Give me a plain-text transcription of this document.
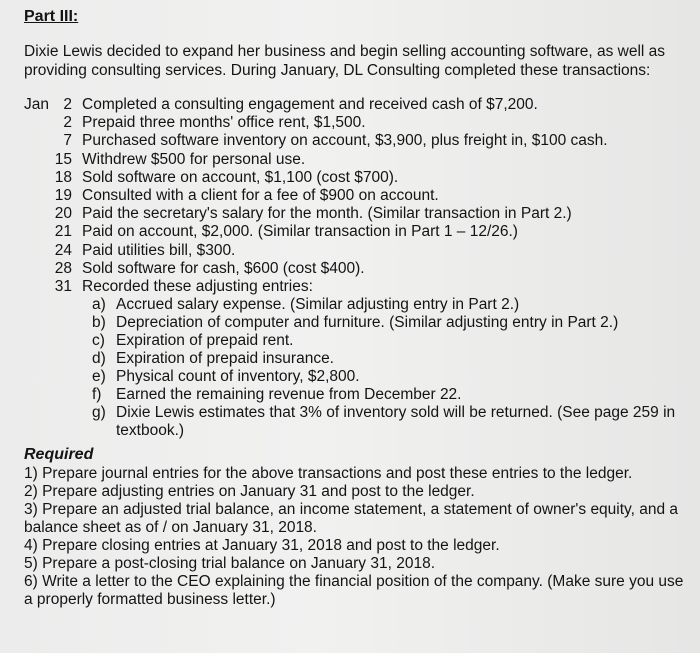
Part III:
Dixie Lewis decided to expand her business and begin selling accounting software, as well as providing consulting services. During January, DL Consulting completed these transactions:
Jan 2 Completed a consulting engagement and received cash of $7,200.
2 Prepaid three months' office rent, $1,500.
7 Purchased software inventory on account, $3,900, plus freight in, $100 cash.
15 Withdrew $500 for personal use.
18 Sold software on account, $1,100 (cost $700).
19 Consulted with a client for a fee of $900 on account.
20 Paid the secretary's salary for the month. (Similar transaction in Part 2.)
21 Paid on account, $2,000. (Similar transaction in Part 1 – 12/26.)
24 Paid utilities bill, $300.
28 Sold software for cash, $600 (cost $400).
31 Recorded these adjusting entries:
a) Accrued salary expense. (Similar adjusting entry in Part 2.)
b) Depreciation of computer and furniture. (Similar adjusting entry in Part 2.)
c) Expiration of prepaid rent.
d) Expiration of prepaid insurance.
e) Physical count of inventory, $2,800.
f) Earned the remaining revenue from December 22.
g) Dixie Lewis estimates that 3% of inventory sold will be returned. (See page 259 in textbook.)
Required
1) Prepare journal entries for the above transactions and post these entries to the ledger.
2) Prepare adjusting entries on January 31 and post to the ledger.
3) Prepare an adjusted trial balance, an income statement, a statement of owner's equity, and a balance sheet as of / on January 31, 2018.
4) Prepare closing entries at January 31, 2018 and post to the ledger.
5) Prepare a post-closing trial balance on January 31, 2018.
6) Write a letter to the CEO explaining the financial position of the company. (Make sure you use a properly formatted business letter.)
